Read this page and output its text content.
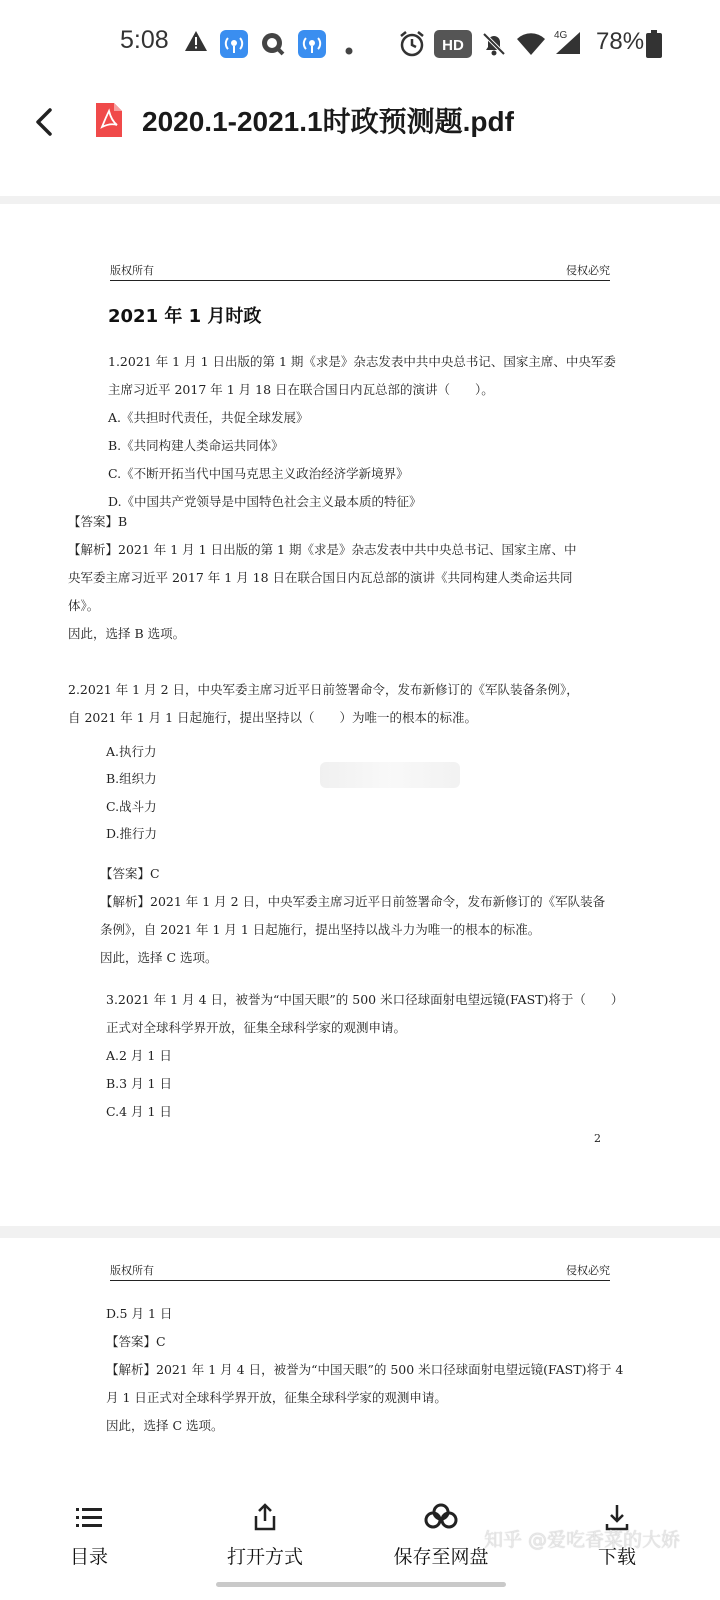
5:08	HD
4G 78%
2020.1-2021.1时政预测题.pdf
版权所有	侵权必究
2021 年 1 月时政
1.2021 年 1 月 1 日出版的第 1 期《求是》杂志发表中共中央总书记、国家主席、中央军委
主席习近平 2017 年 1 月 18 日在联合国日内瓦总部的演讲（　　）。
A.《共担时代责任，共促全球发展》
B.《共同构建人类命运共同体》
C.《不断开拓当代中国马克思主义政治经济学新境界》
D.《中国共产党领导是中国特色社会主义最本质的特征》
【答案】B
【解析】2021 年 1 月 1 日出版的第 1 期《求是》杂志发表中共中央总书记、国家主席、中
央军委主席习近平 2017 年 1 月 18 日在联合国日内瓦总部的演讲《共同构建人类命运共同
体》。
因此，选择 B 选项。
2.2021 年 1 月 2 日，中央军委主席习近平日前签署命令，发布新修订的《军队装备条例》，
自 2021 年 1 月 1 日起施行，提出坚持以（　　）为唯一的根本的标准。
A.执行力
B.组织力
C.战斗力
D.推行力
【答案】C
【解析】2021 年 1 月 2 日，中央军委主席习近平日前签署命令，发布新修订的《军队装备
条例》，自 2021 年 1 月 1 日起施行，提出坚持以战斗力为唯一的根本的标准。
因此，选择 C 选项。
3.2021 年 1 月 4 日，被誉为“中国天眼”的 500 米口径球面射电望远镜(FAST)将于（　　）
正式对全球科学界开放，征集全球科学家的观测申请。
A.2 月 1 日
B.3 月 1 日
C.4 月 1 日
2
版权所有	侵权必究
D.5 月 1 日
【答案】C
【解析】2021 年 1 月 4 日，被誉为“中国天眼”的 500 米口径球面射电望远镜(FAST)将于 4
月 1 日正式对全球科学界开放，征集全球科学家的观测申请。
因此，选择 C 选项。
目录	打开方式	保存至网盘	下载
知乎 @爱吃香菜的大娇
